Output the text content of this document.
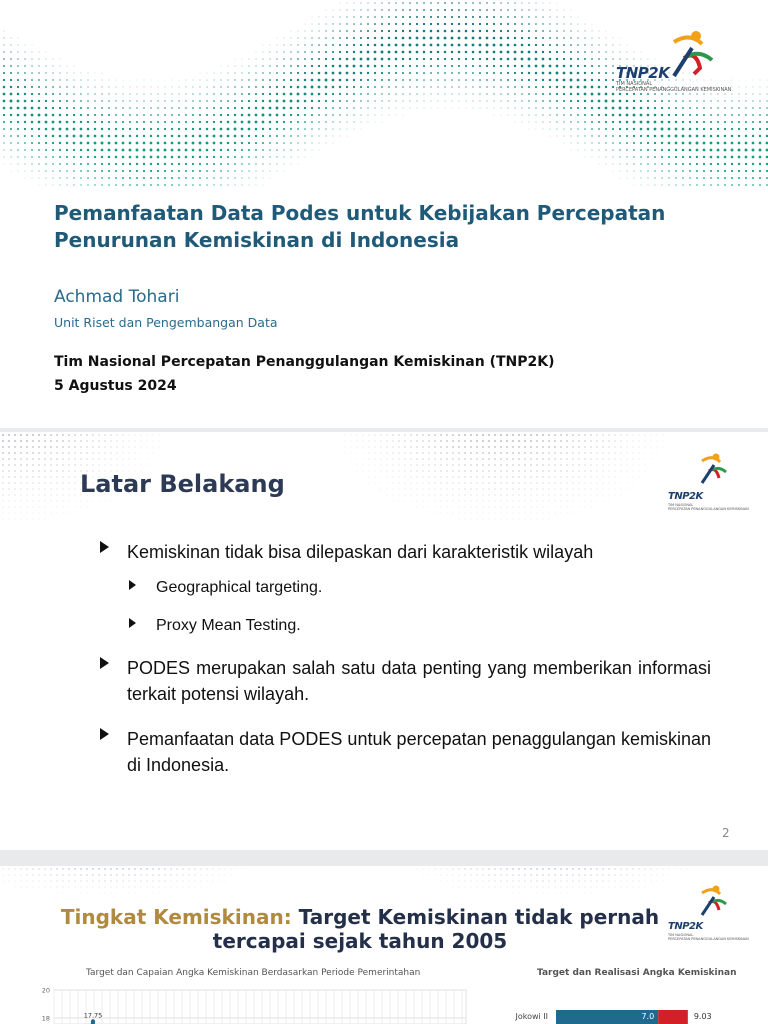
TNP2K
TIM NASIONAL
PERCEPATAN PENANGGULANGAN KEMISKINAN
Pemanfaatan Data Podes untuk Kebijakan Percepatan Penurunan Kemiskinan di Indonesia
Achmad Tohari
Unit Riset dan Pengembangan Data
Tim Nasional Percepatan Penanggulangan Kemiskinan (TNP2K)
5 Agustus 2024
TNP2K
TIM NASIONAL
PERCEPATAN PENANGGULANGAN KEMISKINAN
Latar Belakang
Kemiskinan tidak bisa dilepaskan dari karakteristik wilayah
Geographical targeting.
Proxy Mean Testing.
PODES merupakan salah satu data penting yang memberikan informasi terkait potensi wilayah.
Pemanfaatan data PODES untuk percepatan penaggulangan kemiskinan di Indonesia.
2
TNP2K
TIM NASIONAL
PERCEPATAN PENANGGULANGAN KEMISKINAN
Tingkat Kemiskinan: Target Kemiskinan tidak pernah tercapai sejak tahun 2005
Target dan Capaian Angka Kemiskinan Berdasarkan Periode Pemerintahan
20
18	17.75
Target dan Realisasi Angka Kemiskinan
Jokowi II	7.0	9.03
